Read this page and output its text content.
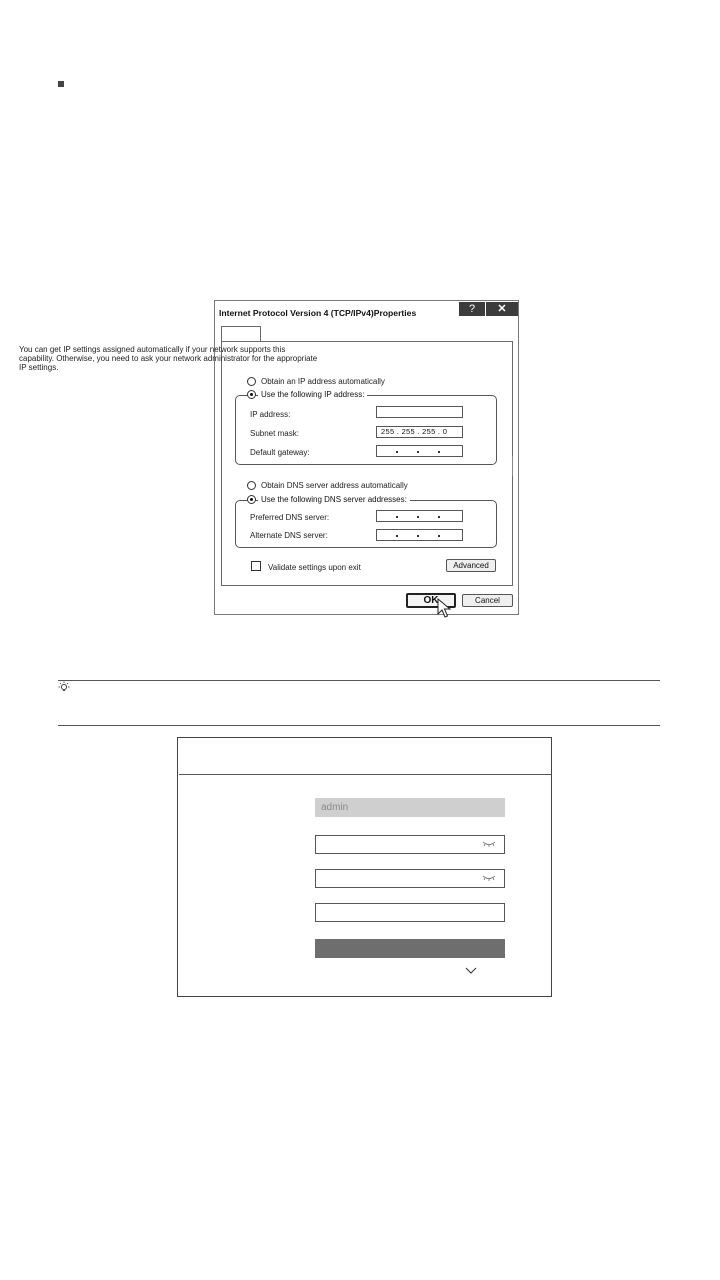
Internet Protocol Version 4 (TCP/IPv4)Properties	?	✕
You can get IP settings assigned automatically if your network supports this capability. Otherwise, you need to ask your network administrator for the appropriate IP settings.
Obtain an IP address automatically
Use the following IP address:
IP address:
Subnet mask:	255 . 255 . 255 . 0
Default gateway:
Obtain DNS server address automatically
Use the following DNS server addresses:
Preferred DNS server:
Alternate DNS server:
Validate settings upon exit	Advanced
OK	Cancel
admin
